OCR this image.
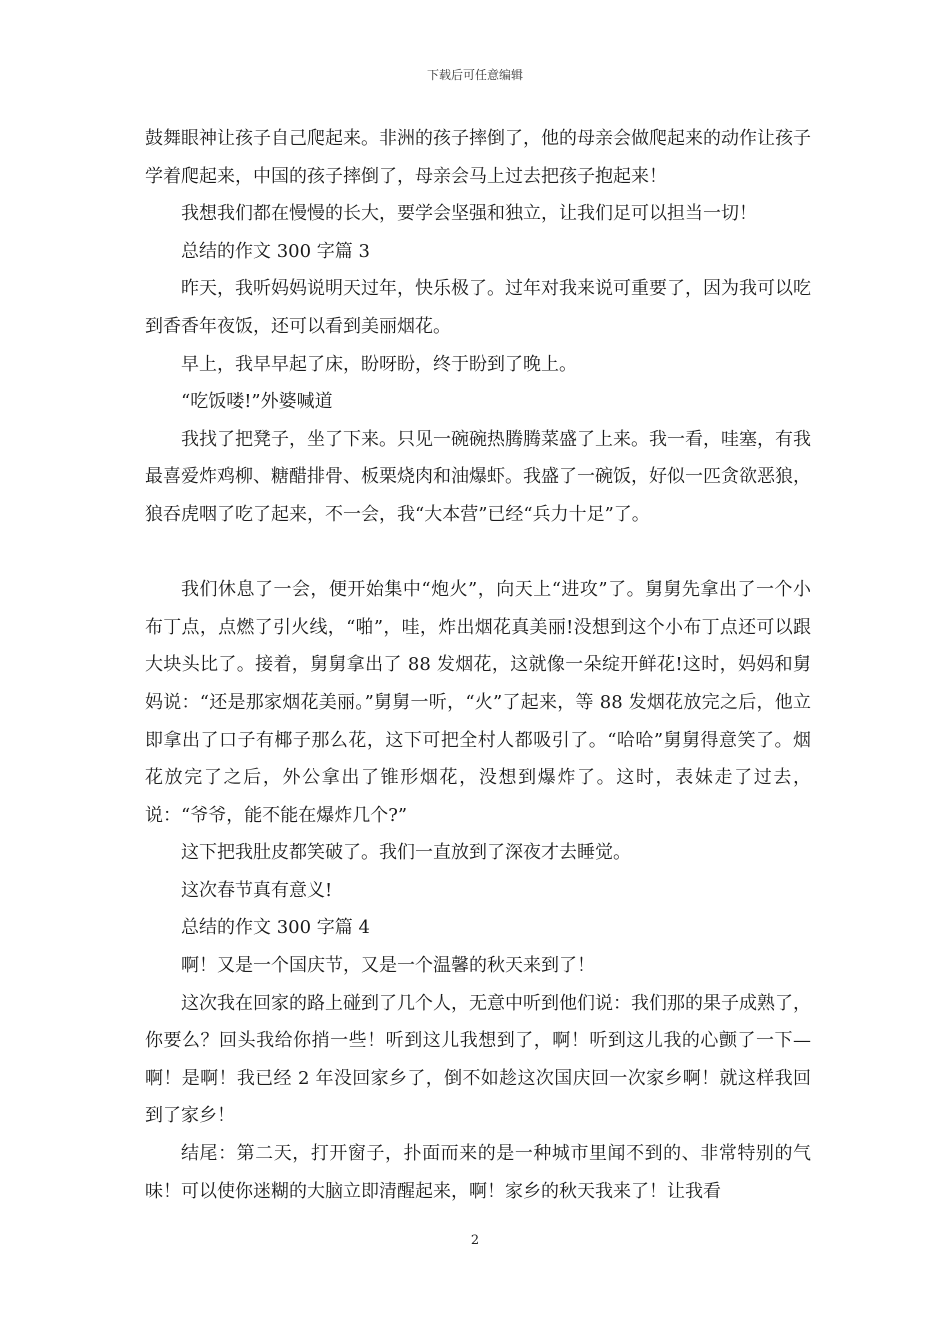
下载后可任意编辑

鼓舞眼神让孩子自己爬起来。非洲的孩子摔倒了，他的母亲会做爬起来的动作让孩子学着爬起来，中国的孩子摔倒了，母亲会马上过去把孩子抱起来！

我想我们都在慢慢的长大，要学会坚强和独立，让我们足可以担当一切！

总结的作文 300 字篇 3

昨天，我听妈妈说明天过年，快乐极了。过年对我来说可重要了，因为我可以吃到香香年夜饭，还可以看到美丽烟花。

早上，我早早起了床，盼呀盼，终于盼到了晚上。

“吃饭喽!”外婆喊道

我找了把凳子，坐了下来。只见一碗碗热腾腾菜盛了上来。我一看，哇塞，有我最喜爱炸鸡柳、糖醋排骨、板栗烧肉和油爆虾。我盛了一碗饭，好似一匹贪欲恶狼，狼吞虎咽了吃了起来，不一会，我“大本营”已经“兵力十足”了。

我们休息了一会，便开始集中“炮火”，向天上“进攻”了。舅舅先拿出了一个小布丁点，点燃了引火线，“啪”，哇，炸出烟花真美丽!没想到这个小布丁点还可以跟大块头比了。接着，舅舅拿出了 88 发烟花，这就像一朵绽开鲜花!这时，妈妈和舅妈说：“还是那家烟花美丽。”舅舅一听，“火”了起来，等 88 发烟花放完之后，他立即拿出了口子有椰子那么花，这下可把全村人都吸引了。“哈哈”舅舅得意笑了。烟花放完了之后，外公拿出了锥形烟花，没想到爆炸了。这时，表妹走了过去，说：“爷爷，能不能在爆炸几个?”

这下把我肚皮都笑破了。我们一直放到了深夜才去睡觉。

这次春节真有意义!

总结的作文 300 字篇 4

啊！又是一个国庆节，又是一个温馨的秋天来到了！

这次我在回家的路上碰到了几个人，无意中听到他们说：我们那的果子成熟了，你要么？回头我给你捎一些！听到这儿我想到了，啊！听到这儿我的心颤了一下—啊！是啊！我已经 2 年没回家乡了，倒不如趁这次国庆回一次家乡啊！就这样我回到了家乡！

结尾：第二天，打开窗子，扑面而来的是一种城市里闻不到的、非常特别的气味！可以使你迷糊的大脑立即清醒起来，啊！家乡的秋天我来了！让我看

2
